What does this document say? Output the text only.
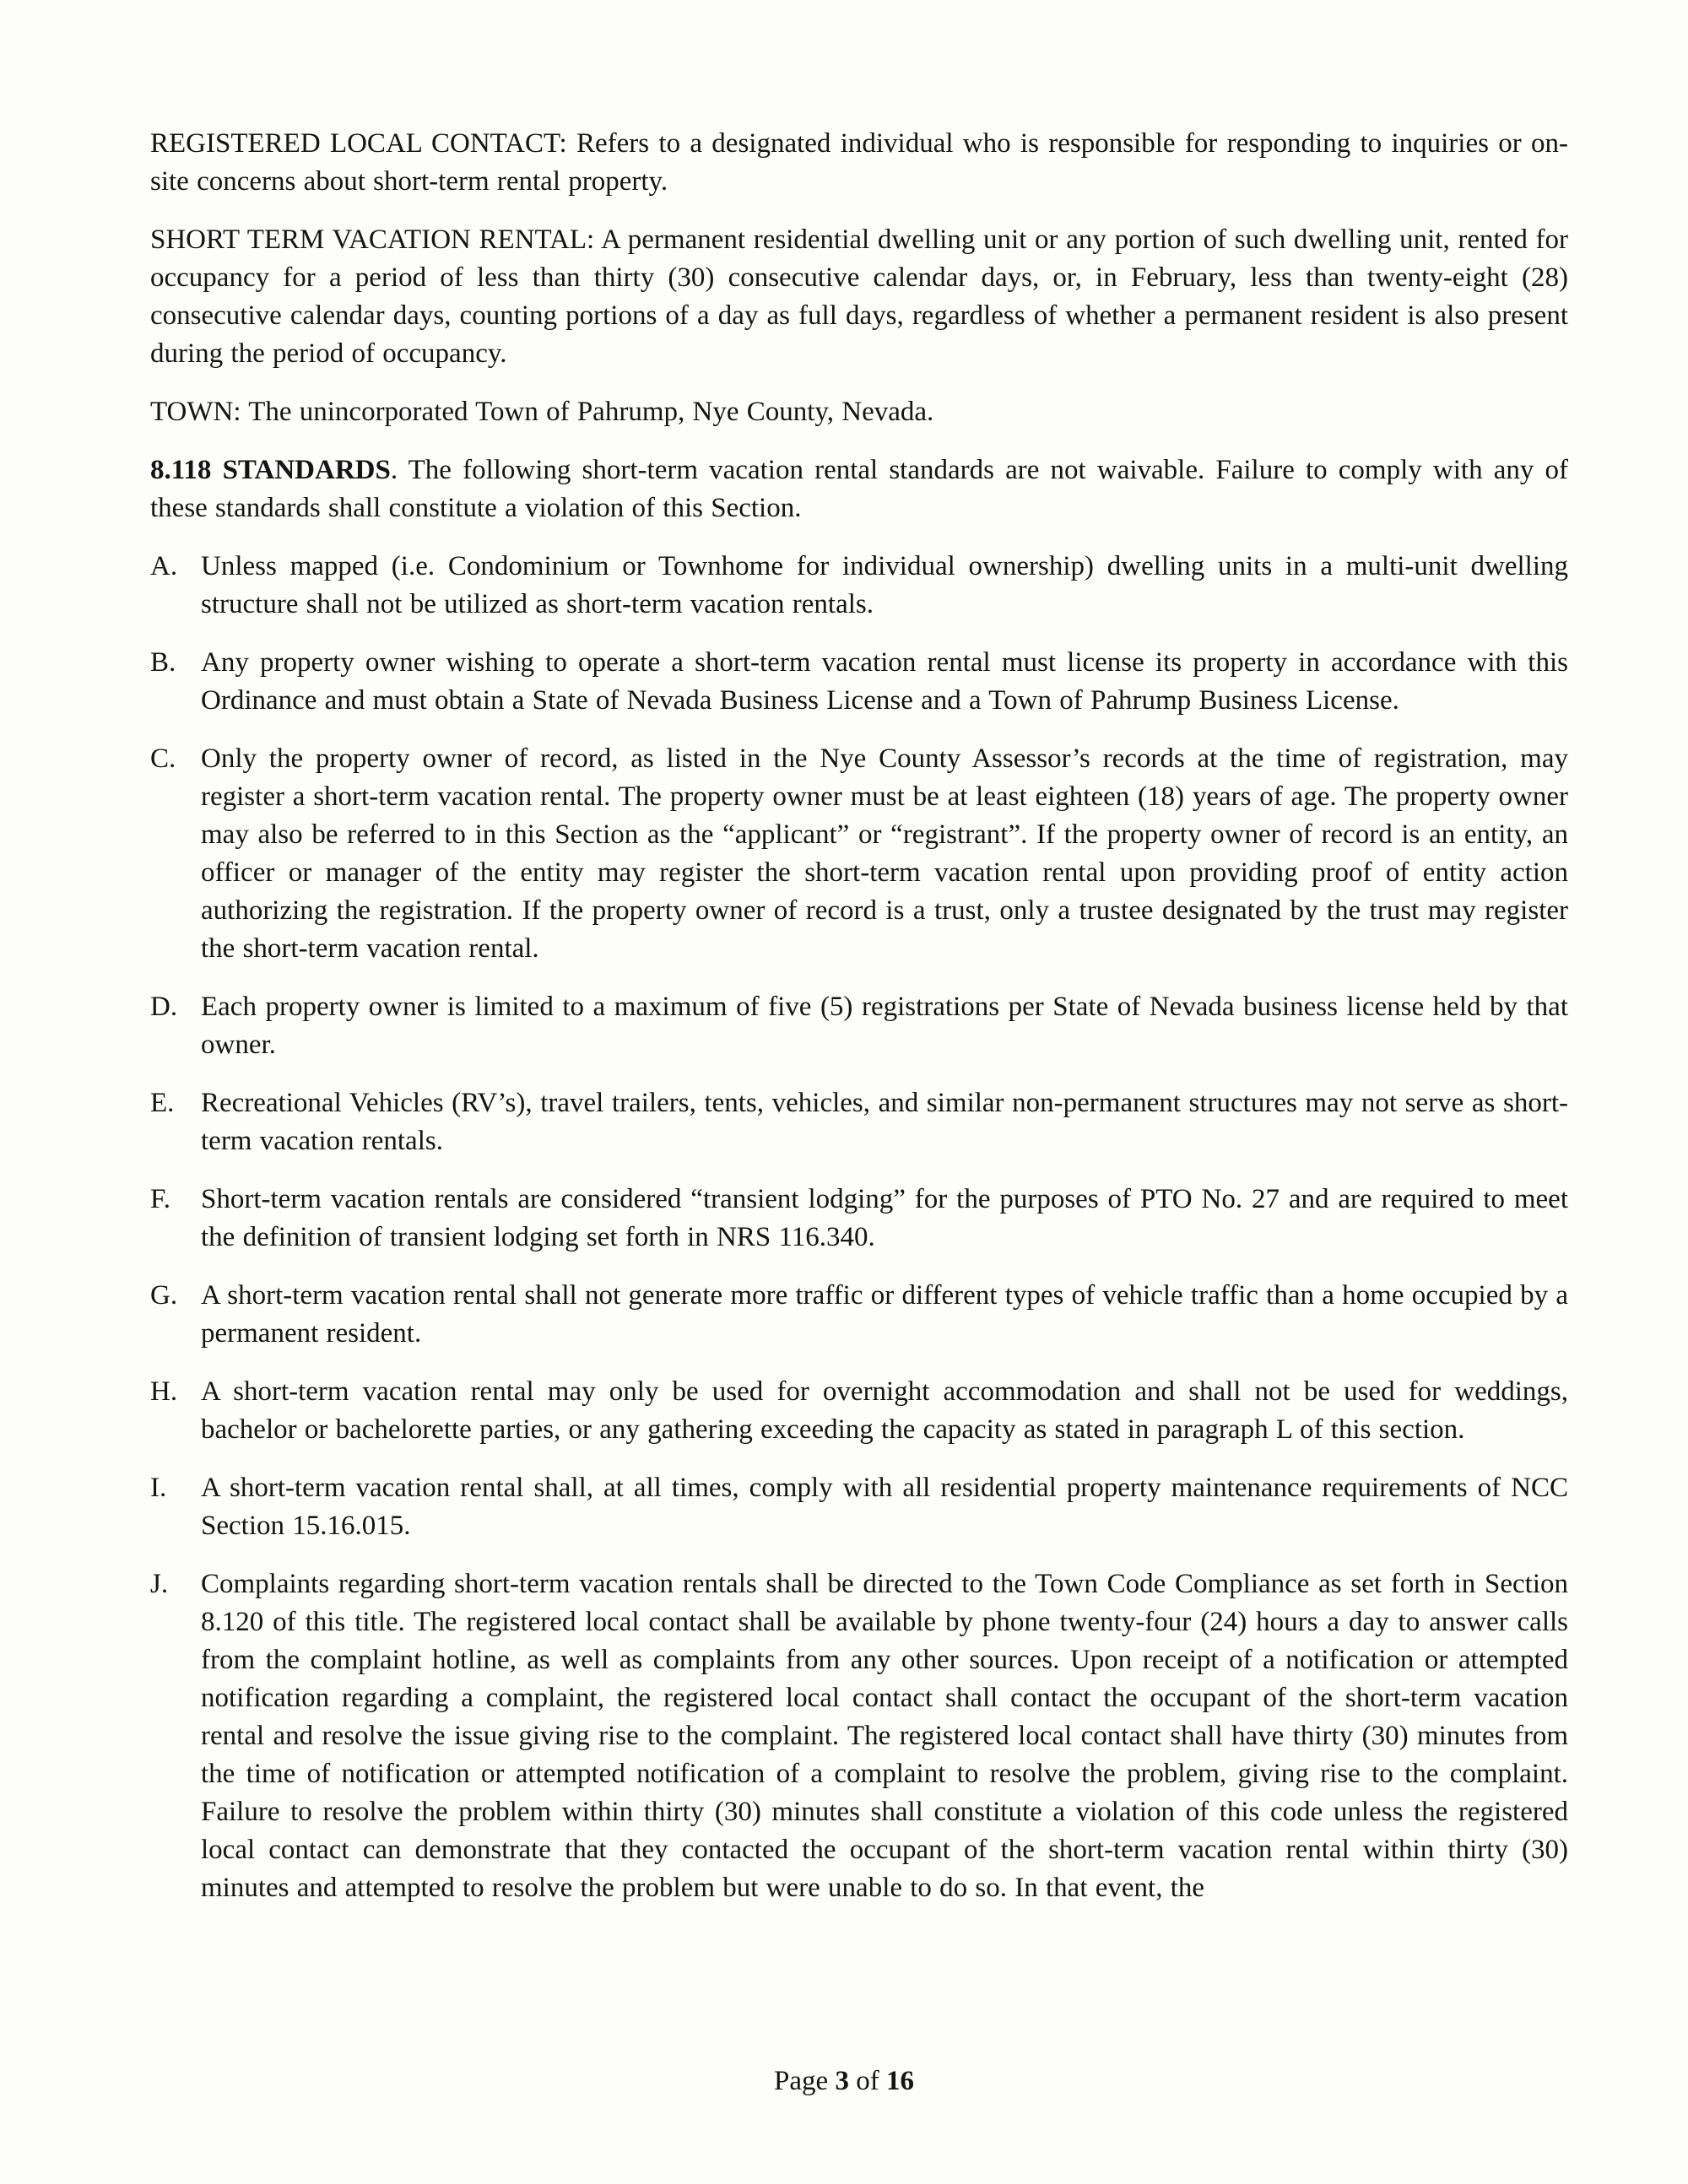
REGISTERED LOCAL CONTACT: Refers to a designated individual who is responsible for responding to inquiries or on-site concerns about short-term rental property.

SHORT TERM VACATION RENTAL: A permanent residential dwelling unit or any portion of such dwelling unit, rented for occupancy for a period of less than thirty (30) consecutive calendar days, or, in February, less than twenty-eight (28) consecutive calendar days, counting portions of a day as full days, regardless of whether a permanent resident is also present during the period of occupancy.

TOWN: The unincorporated Town of Pahrump, Nye County, Nevada.

8.118 STANDARDS. The following short-term vacation rental standards are not waivable. Failure to comply with any of these standards shall constitute a violation of this Section.

A. Unless mapped (i.e. Condominium or Townhome for individual ownership) dwelling units in a multi-unit dwelling structure shall not be utilized as short-term vacation rentals.
B. Any property owner wishing to operate a short-term vacation rental must license its property in accordance with this Ordinance and must obtain a State of Nevada Business License and a Town of Pahrump Business License.
C. Only the property owner of record, as listed in the Nye County Assessor’s records at the time of registration, may register a short-term vacation rental. The property owner must be at least eighteen (18) years of age. The property owner may also be referred to in this Section as the “applicant” or “registrant”. If the property owner of record is an entity, an officer or manager of the entity may register the short-term vacation rental upon providing proof of entity action authorizing the registration. If the property owner of record is a trust, only a trustee designated by the trust may register the short-term vacation rental.
D. Each property owner is limited to a maximum of five (5) registrations per State of Nevada business license held by that owner.
E. Recreational Vehicles (RV’s), travel trailers, tents, vehicles, and similar non-permanent structures may not serve as short-term vacation rentals.
F.	Short-term vacation rentals are considered “transient lodging” for the purposes of PTO No. 27 and are required to meet the definition of transient lodging set forth in NRS 116.340.
G. A short-term vacation rental shall not generate more traffic or different types of vehicle traffic than a home occupied by a permanent resident.
H. A short-term vacation rental may only be used for overnight accommodation and shall not be used for weddings, bachelor or bachelorette parties, or any gathering exceeding the capacity as stated in paragraph L of this section.
I.	A short-term vacation rental shall, at all times, comply with all residential property maintenance requirements of NCC Section 15.16.015.
J.	Complaints regarding short-term vacation rentals shall be directed to the Town Code Compliance as set forth in Section 8.120 of this title. The registered local contact shall be available by phone twenty-four (24) hours a day to answer calls from the complaint hotline, as well as complaints from any other sources. Upon receipt of a notification or attempted notification regarding a complaint, the registered local contact shall contact the occupant of the short-term vacation rental and resolve the issue giving rise to the complaint. The registered local contact shall have thirty (30) minutes from the time of notification or attempted notification of a complaint to resolve the problem, giving rise to the complaint. Failure to resolve the problem within thirty (30) minutes shall constitute a violation of this code unless the registered local contact can demonstrate that they contacted the occupant of the short-term vacation rental within thirty (30) minutes and attempted to resolve the problem but were unable to do so. In that event, the
Page 3 of 16
